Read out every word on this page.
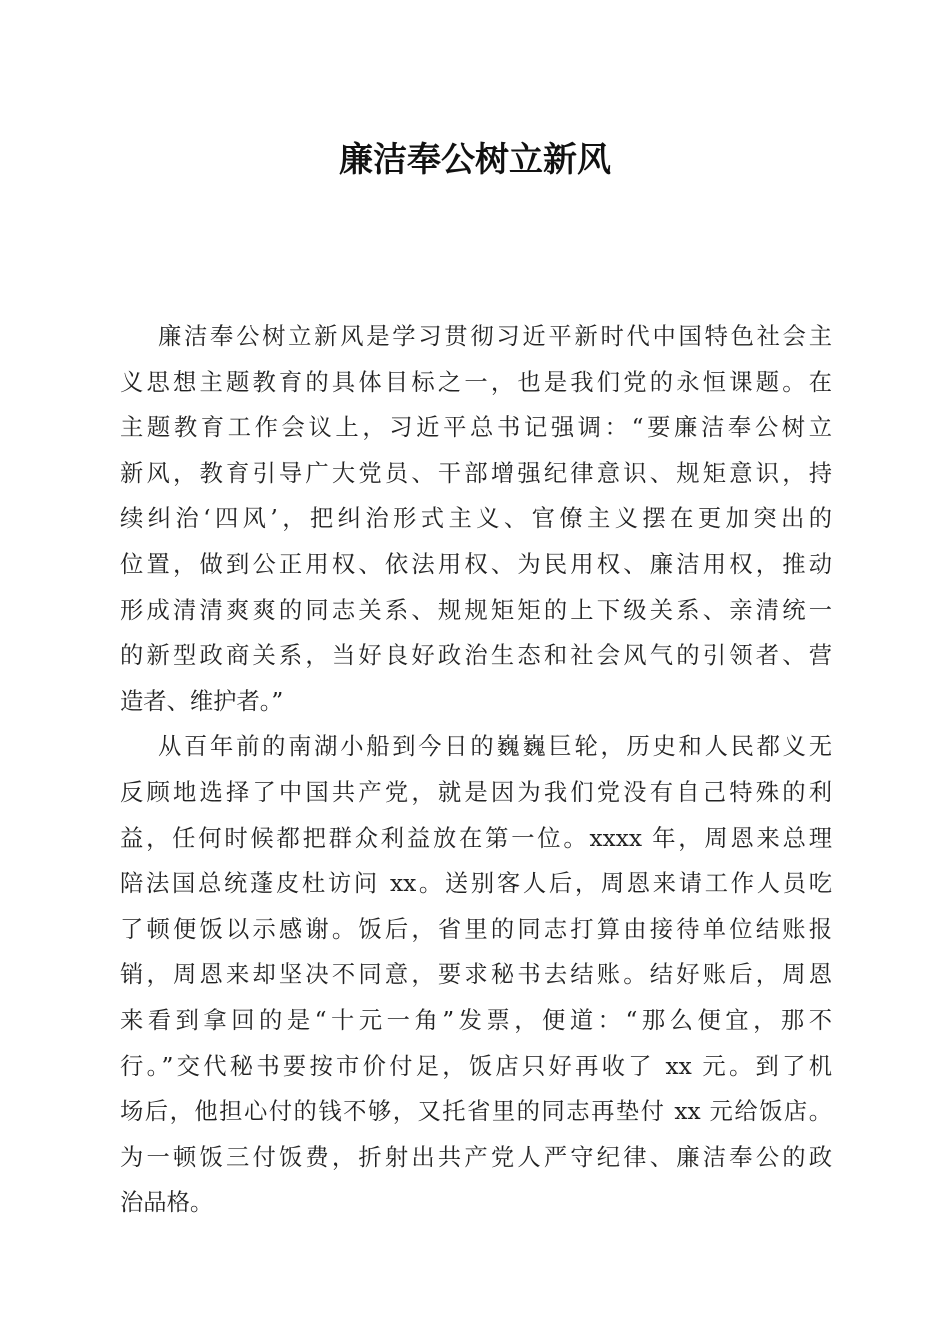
廉洁奉公树立新风
廉洁奉公树立新风是学习贯彻习近平新时代中国特色社会主
义思想主题教育的具体目标之一，也是我们党的永恒课题。在
主题教育工作会议上，习近平总书记强调：“要廉洁奉公树立
新风，教育引导广大党员、干部增强纪律意识、规矩意识，持
续纠治‘四风’，把纠治形式主义、官僚主义摆在更加突出的
位置，做到公正用权、依法用权、为民用权、廉洁用权，推动
形成清清爽爽的同志关系、规规矩矩的上下级关系、亲清统一
的新型政商关系，当好良好政治生态和社会风气的引领者、营
造者、维护者。”
从百年前的南湖小船到今日的巍巍巨轮，历史和人民都义无
反顾地选择了中国共产党，就是因为我们党没有自己特殊的利
益，任何时候都把群众利益放在第一位。xxxx 年，周恩来总理
陪法国总统蓬皮杜访问 xx。送别客人后，周恩来请工作人员吃
了顿便饭以示感谢。饭后，省里的同志打算由接待单位结账报
销，周恩来却坚决不同意，要求秘书去结账。结好账后，周恩
来看到拿回的是“十元一角”发票，便道：“那么便宜，那不
行。”交代秘书要按市价付足，饭店只好再收了 xx 元。到了机
场后，他担心付的钱不够，又托省里的同志再垫付 xx 元给饭店。
为一顿饭三付饭费，折射出共产党人严守纪律、廉洁奉公的政
治品格。
